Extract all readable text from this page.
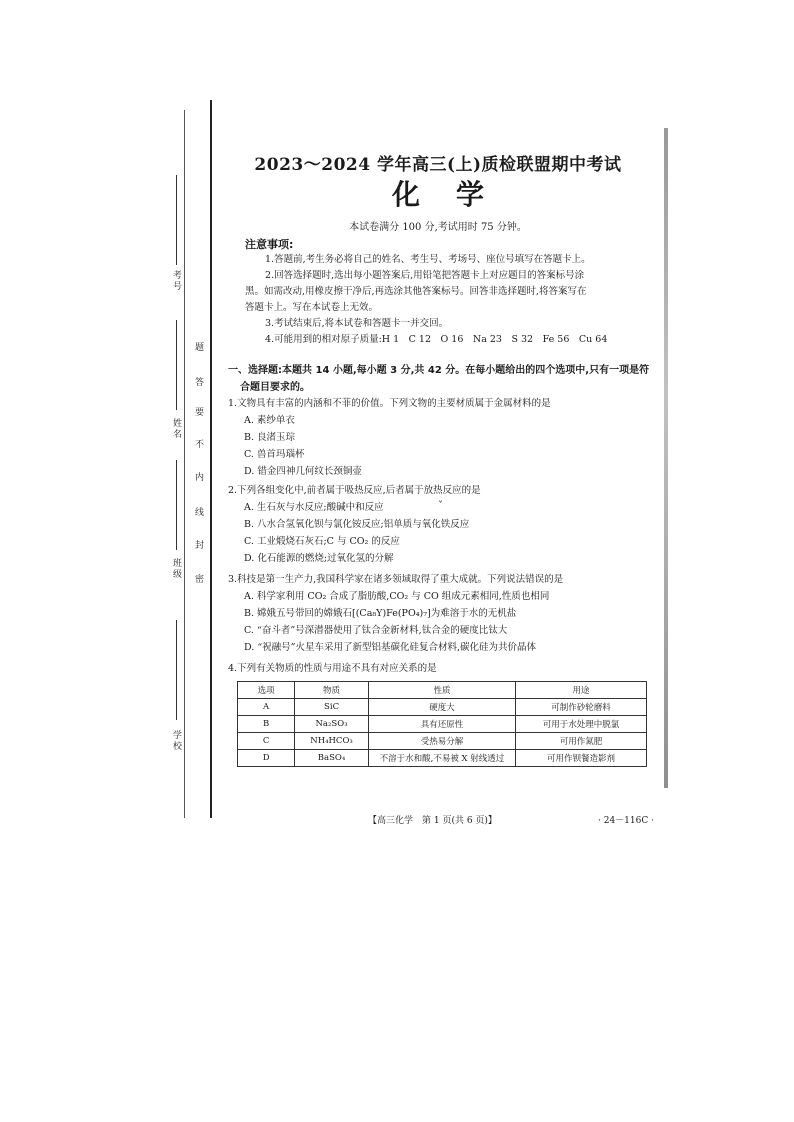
考号
姓名
班级
学校
题
答
要
不
内
线
封
密
2023～2024 学年高三(上)质检联盟期中考试
化学
本试卷满分 100 分,考试用时 75 分钟。
注意事项:

1.答题前,考生务必将自己的姓名、考生号、考场号、座位号填写在答题卡上。

2.回答选择题时,选出每小题答案后,用铅笔把答题卡上对应题目的答案标号涂

黑。如需改动,用橡皮擦干净后,再选涂其他答案标号。回答非选择题时,将答案写在

答题卡上。写在本试卷上无效。

3.考试结束后,将本试卷和答题卡一并交回。

4.可能用到的相对原子质量:H 1　C 12　O 16　Na 23　S 32　Fe 56　Cu 64

一、选择题:本题共 14 小题,每小题 3 分,共 42 分。在每小题给出的四个选项中,只有一项是符
合题目要求的。

1.文物具有丰富的内涵和不菲的价值。下列文物的主要材质属于金属材料的是

A. 素纱单衣

B. 良渚玉琮

C. 兽首玛瑙杯

D. 错金四神几何纹长颈铜壶

2.下列各组变化中,前者属于吸热反应,后者属于放热反应的是

A. 生石灰与水反应;酸碱中和反应

B. 八水合氢氧化钡与氯化铵反应;铝单质与氧化铁反应

C. 工业煅烧石灰石;C 与 CO₂ 的反应

D. 化石能源的燃烧;过氧化氢的分解

ˇ

3.科技是第一生产力,我国科学家在诸多领域取得了重大成就。下列说法错误的是

A. 科学家利用 CO₂ 合成了脂肪酸,CO₂ 与 CO 组成元素相同,性质也相同

B. 嫦娥五号带回的嫦娥石[(Ca₈Y)Fe(PO₄)₇]为难溶于水的无机盐

C. “奋斗者”号深潜器使用了钛合金新材料,钛合金的硬度比钛大

D. “祝融号”火星车采用了新型铝基碳化硅复合材料,碳化硅为共价晶体

4.下列有关物质的性质与用途不具有对应关系的是

选项	物质	性质	用途
A	SiC	硬度大	可制作砂轮磨料
B	Na₂SO₃	具有还原性	可用于水处理中脱氯
C	NH₄HCO₃	受热易分解	可用作氮肥
D	BaSO₄	不溶于水和酸,不易被 X 射线透过	可用作钡餐造影剂
【高三化学　第 1 页(共 6 页)】	· 24－116C ·
